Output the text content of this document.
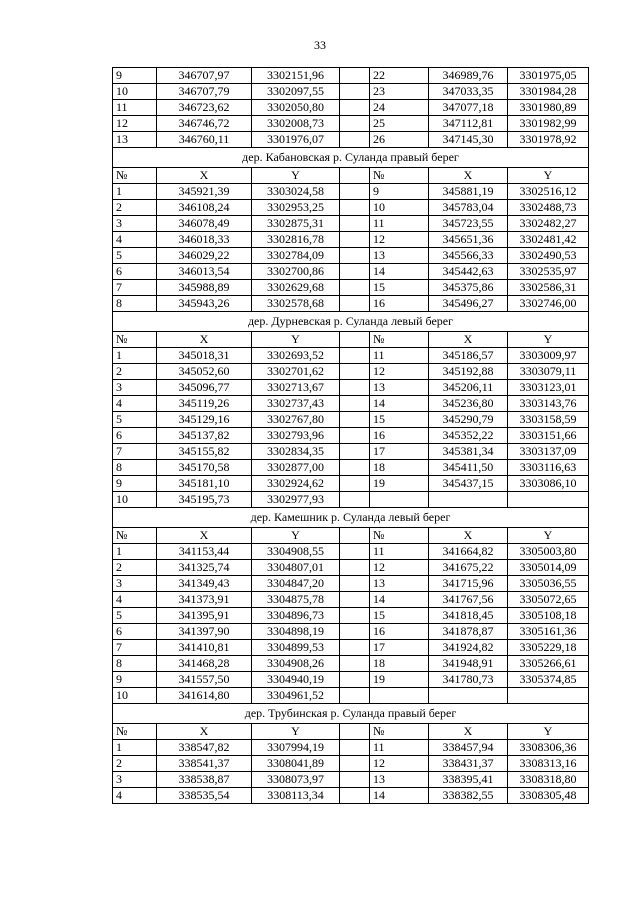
33
9	346707,97	3302151,96		22	346989,76	3301975,05
10	346707,79	3302097,55		23	347033,35	3301984,28
11	346723,62	3302050,80		24	347077,18	3301980,89
12	346746,72	3302008,73		25	347112,81	3301982,99
13	346760,11	3301976,07		26	347145,30	3301978,92
дер. Кабановская р. Суланда правый берег						
№	X	Y		№	X	Y
1	345921,39	3303024,58		9	345881,19	3302516,12
2	346108,24	3302953,25		10	345783,04	3302488,73
3	346078,49	3302875,31		11	345723,55	3302482,27
4	346018,33	3302816,78		12	345651,36	3302481,42
5	346029,22	3302784,09		13	345566,33	3302490,53
6	346013,54	3302700,86		14	345442,63	3302535,97
7	345988,89	3302629,68		15	345375,86	3302586,31
8	345943,26	3302578,68		16	345496,27	3302746,00
дер. Дурневская р. Суланда левый берег						
№	X	Y		№	X	Y
1	345018,31	3302693,52		11	345186,57	3303009,97
2	345052,60	3302701,62		12	345192,88	3303079,11
3	345096,77	3302713,67		13	345206,11	3303123,01
4	345119,26	3302737,43		14	345236,80	3303143,76
5	345129,16	3302767,80		15	345290,79	3303158,59
6	345137,82	3302793,96		16	345352,22	3303151,66
7	345155,82	3302834,35		17	345381,34	3303137,09
8	345170,58	3302877,00		18	345411,50	3303116,63
9	345181,10	3302924,62		19	345437,15	3303086,10
10	345195,73	3302977,93				
дер. Камешник р. Суланда левый берег						
№	X	Y		№	X	Y
1	341153,44	3304908,55		11	341664,82	3305003,80
2	341325,74	3304807,01		12	341675,22	3305014,09
3	341349,43	3304847,20		13	341715,96	3305036,55
4	341373,91	3304875,78		14	341767,56	3305072,65
5	341395,91	3304896,73		15	341818,45	3305108,18
6	341397,90	3304898,19		16	341878,87	3305161,36
7	341410,81	3304899,53		17	341924,82	3305229,18
8	341468,28	3304908,26		18	341948,91	3305266,61
9	341557,50	3304940,19		19	341780,73	3305374,85
10	341614,80	3304961,52				
дер. Трубинская р. Суланда правый берег						
№	X	Y		№	X	Y
1	338547,82	3307994,19		11	338457,94	3308306,36
2	338541,37	3308041,89		12	338431,37	3308313,16
3	338538,87	3308073,97		13	338395,41	3308318,80
4	338535,54	3308113,34		14	338382,55	3308305,48
